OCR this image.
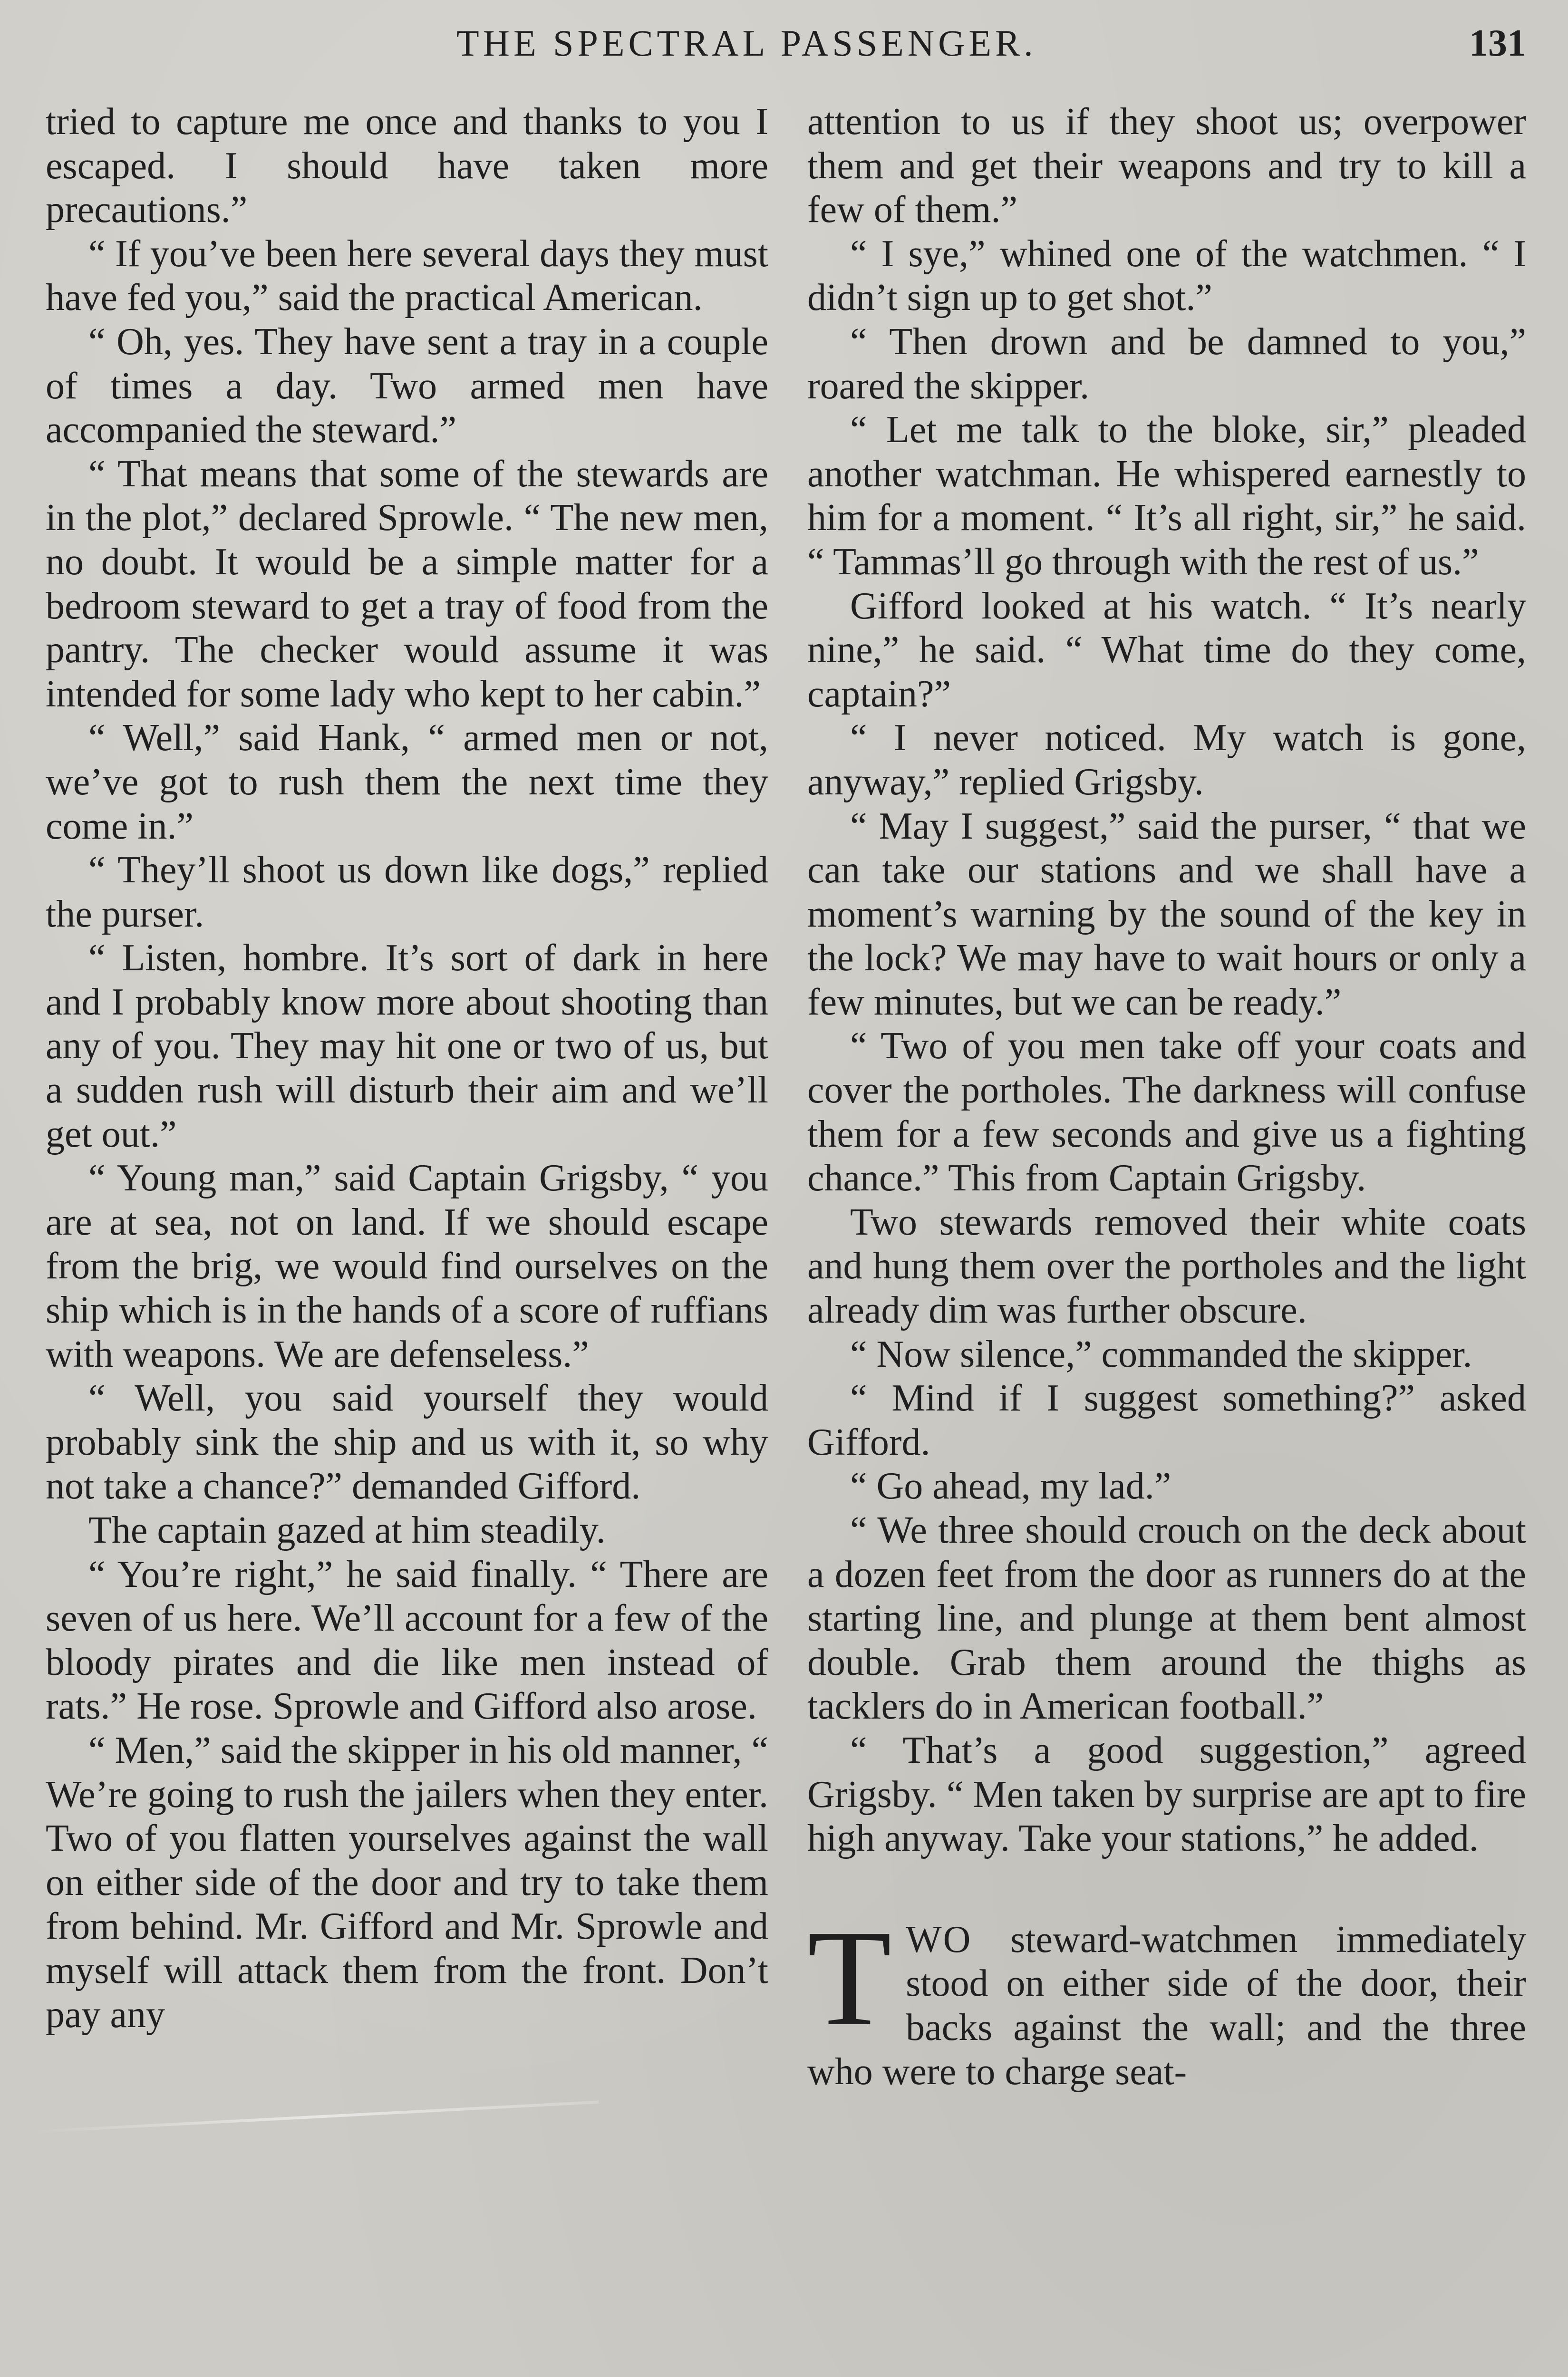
THE SPECTRAL PASSENGER.	131

tried to capture me once and thanks to you I escaped. I should have taken more precautions.”

“ If you’ve been here several days they must have fed you,” said the practical American.

“ Oh, yes. They have sent a tray in a couple of times a day. Two armed men have accompanied the steward.”

“ That means that some of the stewards are in the plot,” declared Sprowle. “ The new men, no doubt. It would be a simple matter for a bedroom steward to get a tray of food from the pantry. The checker would assume it was intended for some lady who kept to her cabin.”

“ Well,” said Hank, “ armed men or not, we’ve got to rush them the next time they come in.”

“ They’ll shoot us down like dogs,” replied the purser.

“ Listen, hombre. It’s sort of dark in here and I probably know more about shooting than any of you. They may hit one or two of us, but a sudden rush will disturb their aim and we’ll get out.”

“ Young man,” said Captain Grigsby, “ you are at sea, not on land. If we should escape from the brig, we would find ourselves on the ship which is in the hands of a score of ruffians with weapons. We are defenseless.”

“ Well, you said yourself they would probably sink the ship and us with it, so why not take a chance?” demanded Gifford.

The captain gazed at him steadily.

“ You’re right,” he said finally. “ There are seven of us here. We’ll account for a few of the bloody pirates and die like men instead of rats.” He rose. Sprowle and Gifford also arose.

“ Men,” said the skipper in his old manner, “ We’re going to rush the jailers when they enter. Two of you flatten yourselves against the wall on either side of the door and try to take them from behind. Mr. Gifford and Mr. Sprowle and myself will attack them from the front. Don’t pay any

attention to us if they shoot us; overpower them and get their weapons and try to kill a few of them.”

“ I sye,” whined one of the watchmen. “ I didn’t sign up to get shot.”

“ Then drown and be damned to you,” roared the skipper.

“ Let me talk to the bloke, sir,” pleaded another watchman. He whispered earnestly to him for a moment. “ It’s all right, sir,” he said. “ Tammas’ll go through with the rest of us.”

Gifford looked at his watch. “ It’s nearly nine,” he said. “ What time do they come, captain?”

“ I never noticed. My watch is gone, anyway,” replied Grigsby.

“ May I suggest,” said the purser, “ that we can take our stations and we shall have a moment’s warning by the sound of the key in the lock? We may have to wait hours or only a few minutes, but we can be ready.”

“ Two of you men take off your coats and cover the portholes. The darkness will confuse them for a few seconds and give us a fighting chance.” This from Captain Grigsby.

Two stewards removed their white coats and hung them over the portholes and the light already dim was further obscure.

“ Now silence,” commanded the skipper.

“ Mind if I suggest something?” asked Gifford.

“ Go ahead, my lad.”

“ We three should crouch on the deck about a dozen feet from the door as runners do at the starting line, and plunge at them bent almost double. Grab them around the thighs as tacklers do in American football.”

“ That’s a good suggestion,” agreed Grigsby. “ Men taken by surprise are apt to fire high anyway. Take your stations,” he added.

TWO steward-watchmen immediately stood on either side of the door, their backs against the wall; and the three who were to charge seat-
